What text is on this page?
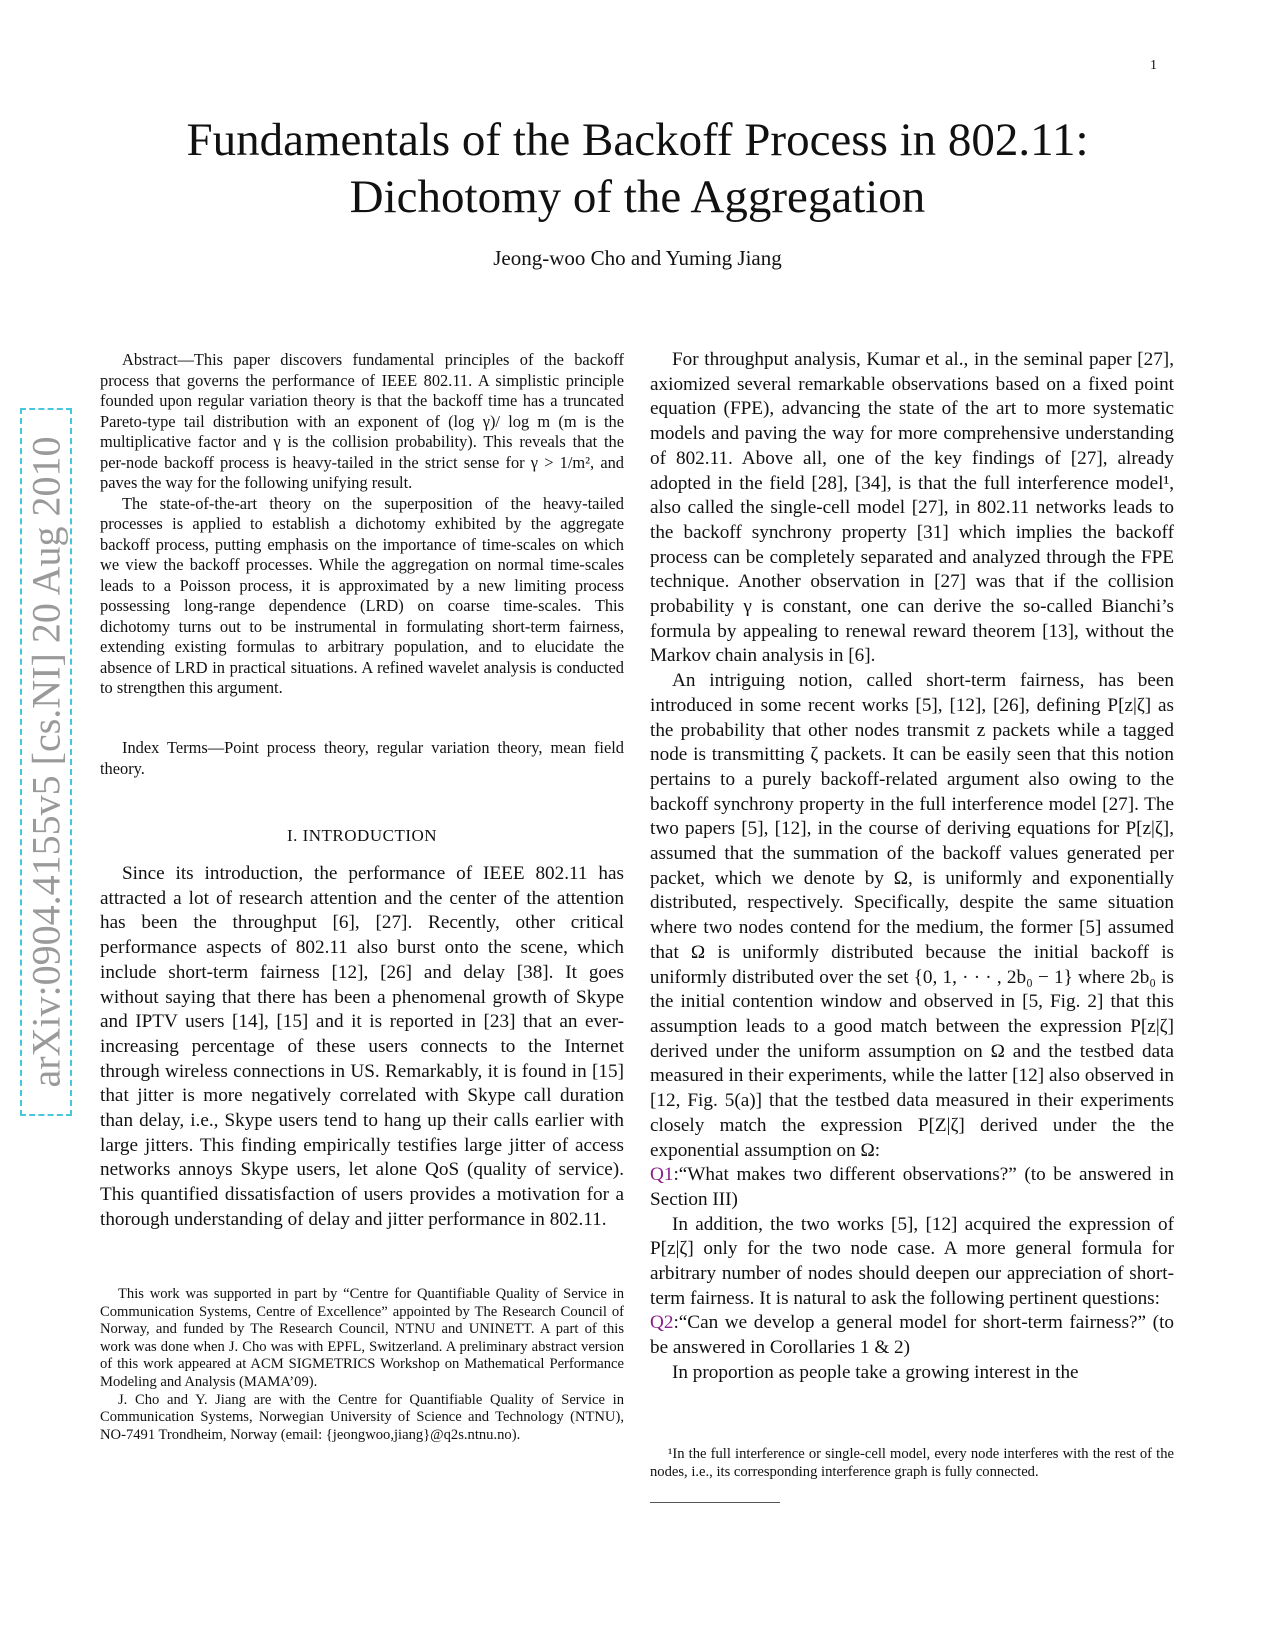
1
Fundamentals of the Backoff Process in 802.11:
Dichotomy of the Aggregation
Jeong-woo Cho and Yuming Jiang
arXiv:0904.4155v5 [cs.NI] 20 Aug 2010

Abstract—This paper discovers fundamental principles of the backoff process that governs the performance of IEEE 802.11. A simplistic principle founded upon regular variation theory is that the backoff time has a truncated Pareto-type tail distribution with an exponent of (log γ)/ log m (m is the multiplicative factor and γ is the collision probability). This reveals that the per-node backoff process is heavy-tailed in the strict sense for γ > 1/m², and paves the way for the following unifying result.

The state-of-the-art theory on the superposition of the heavy-tailed processes is applied to establish a dichotomy exhibited by the aggregate backoff process, putting emphasis on the importance of time-scales on which we view the backoff processes. While the aggregation on normal time-scales leads to a Poisson process, it is approximated by a new limiting process possessing long-range dependence (LRD) on coarse time-scales. This dichotomy turns out to be instrumental in formulating short-term fairness, extending existing formulas to arbitrary population, and to elucidate the absence of LRD in practical situations. A refined wavelet analysis is conducted to strengthen this argument.

Index Terms—Point process theory, regular variation theory, mean field theory.

I. INTRODUCTION

Since its introduction, the performance of IEEE 802.11 has attracted a lot of research attention and the center of the attention has been the throughput [6], [27]. Recently, other critical performance aspects of 802.11 also burst onto the scene, which include short-term fairness [12], [26] and delay [38]. It goes without saying that there has been a phenomenal growth of Skype and IPTV users [14], [15] and it is reported in [23] that an ever-increasing percentage of these users connects to the Internet through wireless connections in US. Remarkably, it is found in [15] that jitter is more negatively correlated with Skype call duration than delay, i.e., Skype users tend to hang up their calls earlier with large jitters. This finding empirically testifies large jitter of access networks annoys Skype users, let alone QoS (quality of service). This quantified dissatisfaction of users provides a motivation for a thorough understanding of delay and jitter performance in 802.11.

This work was supported in part by “Centre for Quantifiable Quality of Service in Communication Systems, Centre of Excellence” appointed by The Research Council of Norway, and funded by The Research Council, NTNU and UNINETT. A part of this work was done when J. Cho was with EPFL, Switzerland. A preliminary abstract version of this work appeared at ACM SIGMETRICS Workshop on Mathematical Performance Modeling and Analysis (MAMA’09).

J. Cho and Y. Jiang are with the Centre for Quantifiable Quality of Service in Communication Systems, Norwegian University of Science and Technology (NTNU), NO-7491 Trondheim, Norway (email: {jeongwoo,jiang}@q2s.ntnu.no).

For throughput analysis, Kumar et al., in the seminal paper [27], axiomized several remarkable observations based on a fixed point equation (FPE), advancing the state of the art to more systematic models and paving the way for more comprehensive understanding of 802.11. Above all, one of the key findings of [27], already adopted in the field [28], [34], is that the full interference model¹, also called the single-cell model [27], in 802.11 networks leads to the backoff synchrony property [31] which implies the backoff process can be completely separated and analyzed through the FPE technique. Another observation in [27] was that if the collision probability γ is constant, one can derive the so-called Bianchi’s formula by appealing to renewal reward theorem [13], without the Markov chain analysis in [6].

An intriguing notion, called short-term fairness, has been introduced in some recent works [5], [12], [26], defining P[z|ζ] as the probability that other nodes transmit z packets while a tagged node is transmitting ζ packets. It can be easily seen that this notion pertains to a purely backoff-related argument also owing to the backoff synchrony property in the full interference model [27]. The two papers [5], [12], in the course of deriving equations for P[z|ζ], assumed that the summation of the backoff values generated per packet, which we denote by Ω, is uniformly and exponentially distributed, respectively. Specifically, despite the same situation where two nodes contend for the medium, the former [5] assumed that Ω is uniformly distributed because the initial backoff is uniformly distributed over the set {0, 1, · · · , 2b₀ − 1} where 2b₀ is the initial contention window and observed in [5, Fig. 2] that this assumption leads to a good match between the expression P[z|ζ] derived under the uniform assumption on Ω and the testbed data measured in their experiments, while the latter [12] also observed in [12, Fig. 5(a)] that the testbed data measured in their experiments closely match the expression P[Z|ζ] derived under the the exponential assumption on Ω:

Q1:“What makes two different observations?” (to be answered in Section III)

In addition, the two works [5], [12] acquired the expression of P[z|ζ] only for the two node case. A more general formula for arbitrary number of nodes should deepen our appreciation of short-term fairness. It is natural to ask the following pertinent questions:

Q2:“Can we develop a general model for short-term fairness?” (to be answered in Corollaries 1 & 2)

In proportion as people take a growing interest in the

¹In the full interference or single-cell model, every node interferes with the rest of the nodes, i.e., its corresponding interference graph is fully connected.
